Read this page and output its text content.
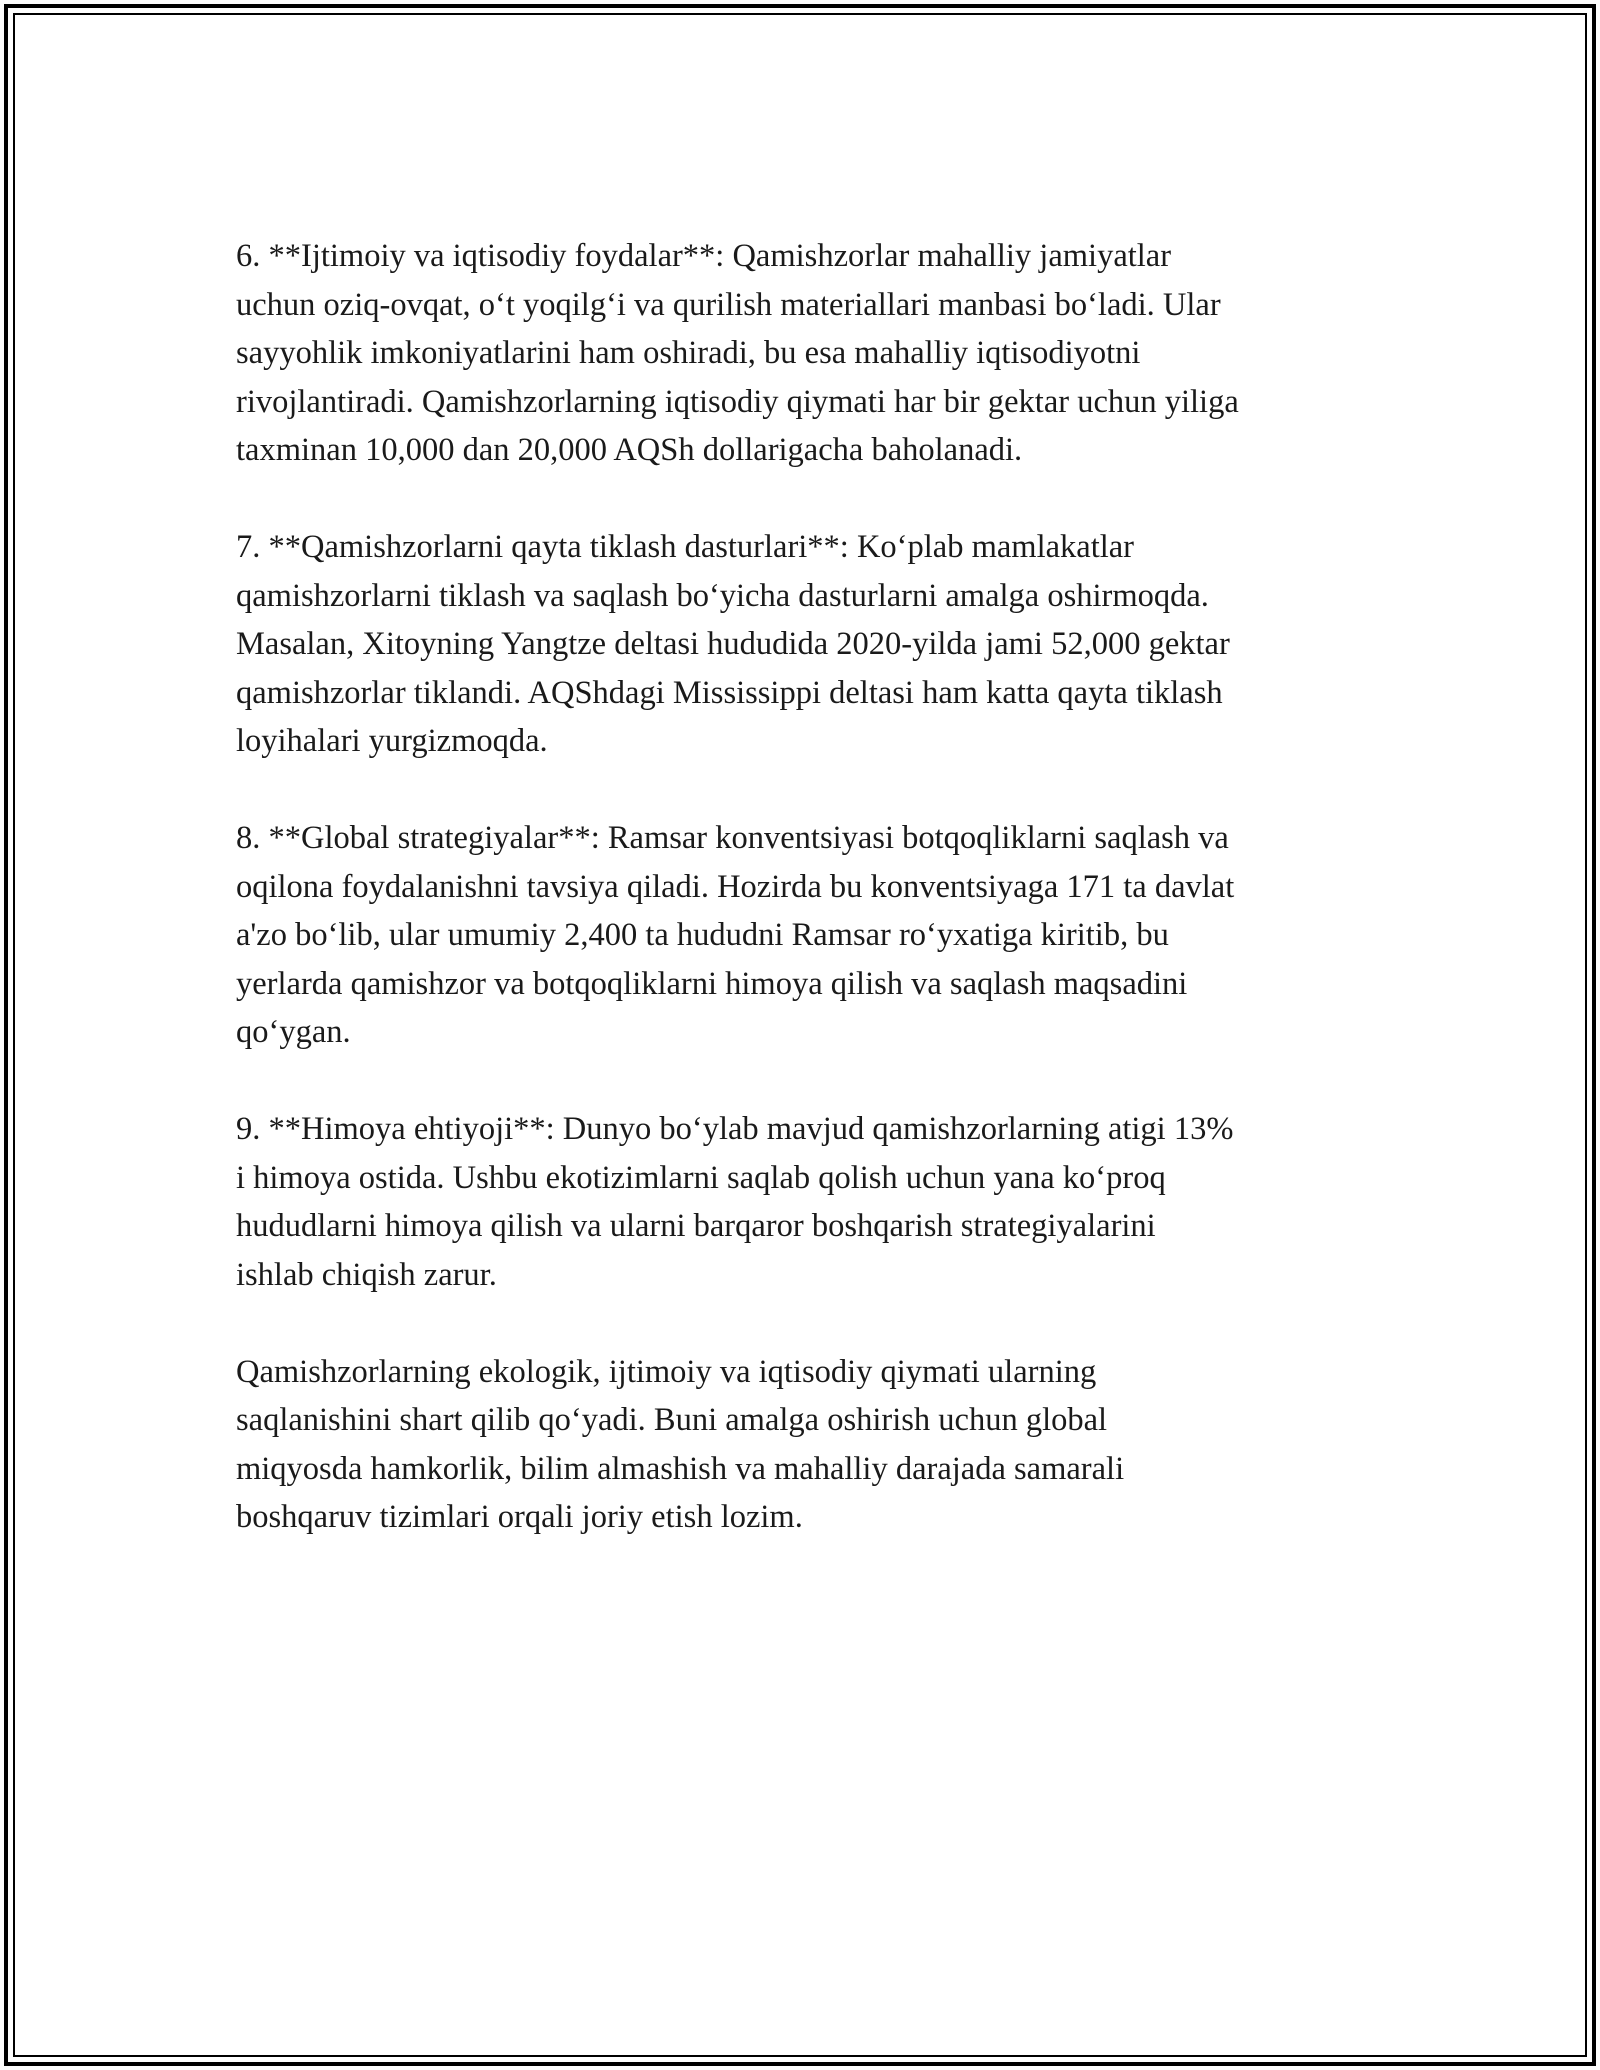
6. **Ijtimoiy va iqtisodiy foydalar**: Qamishzorlar mahalliy jamiyatlar
uchun oziq-ovqat, oʻt yoqilgʻi va qurilish materiallari manbasi boʻladi. Ular
sayyohlik imkoniyatlarini ham oshiradi, bu esa mahalliy iqtisodiyotni
rivojlantiradi. Qamishzorlarning iqtisodiy qiymati har bir gektar uchun yiliga
taxminan 10,000 dan 20,000 AQSh dollarigacha baholanadi.

7. **Qamishzorlarni qayta tiklash dasturlari**: Koʻplab mamlakatlar
qamishzorlarni tiklash va saqlash boʻyicha dasturlarni amalga oshirmoqda.
Masalan, Xitoyning Yangtze deltasi hududida 2020-yilda jami 52,000 gektar
qamishzorlar tiklandi. AQShdagi Mississippi deltasi ham katta qayta tiklash
loyihalari yurgizmoqda.

8. **Global strategiyalar**: Ramsar konventsiyasi botqoqliklarni saqlash va
oqilona foydalanishni tavsiya qiladi. Hozirda bu konventsiyaga 171 ta davlat
a'zo boʻlib, ular umumiy 2,400 ta hududni Ramsar roʻyxatiga kiritib, bu
yerlarda qamishzor va botqoqliklarni himoya qilish va saqlash maqsadini
qoʻygan.

9. **Himoya ehtiyoji**: Dunyo boʻylab mavjud qamishzorlarning atigi 13%
i himoya ostida. Ushbu ekotizimlarni saqlab qolish uchun yana koʻproq
hududlarni himoya qilish va ularni barqaror boshqarish strategiyalarini
ishlab chiqish zarur.

Qamishzorlarning ekologik, ijtimoiy va iqtisodiy qiymati ularning
saqlanishini shart qilib qoʻyadi. Buni amalga oshirish uchun global
miqyosda hamkorlik, bilim almashish va mahalliy darajada samarali
boshqaruv tizimlari orqali joriy etish lozim.
